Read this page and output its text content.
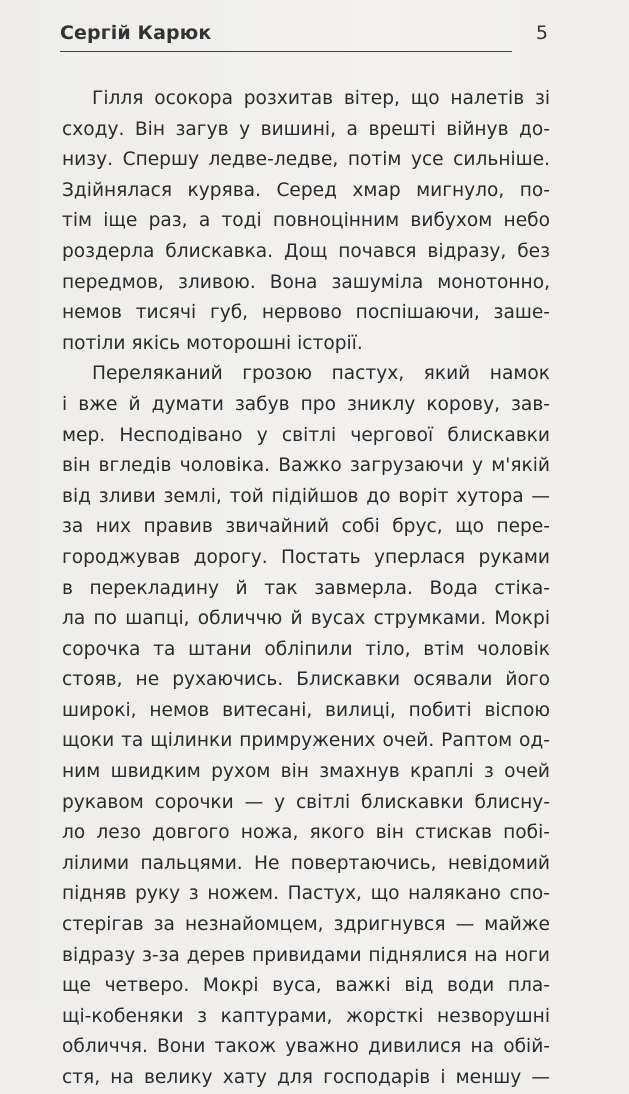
Сергій Карюк	5
Гілля осокора розхитав вітер, що налетів зі
сходу. Він загув у вишині, а врешті війнув до-
низу. Спершу ледве-ледве, потім усе сильніше.
Здійнялася курява. Серед хмар мигнуло, по-
тім іще раз, а тоді повноцінним вибухом небо
роздерла блискавка. Дощ почався відразу, без
передмов, зливою. Вона зашуміла монотонно,
немов тисячі губ, нервово поспішаючи, заше-
потіли якісь моторошні історії.
Переляканий грозою пастух, який намок
і вже й думати забув про зниклу корову, зав-
мер. Несподівано у світлі чергової блискавки
він вгледів чоловіка. Важко загрузаючи у м'якій
від зливи землі, той підійшов до воріт хутора —
за них правив звичайний собі брус, що пере-
городжував дорогу. Постать уперлася руками
в перекладину й так завмерла. Вода стіка-
ла по шапці, обличчю й вусах струмками. Мокрі
сорочка та штани обліпили тіло, втім чоловік
стояв, не рухаючись. Блискавки осявали його
широкі, немов витесані, вилиці, побиті віспою
щоки та щілинки примружених очей. Раптом од-
ним швидким рухом він змахнув краплі з очей
рукавом сорочки — у світлі блискавки блисну-
ло лезо довгого ножа, якого він стискав побі-
лілими пальцями. Не повертаючись, невідомий
підняв руку з ножем. Пастух, що налякано спо-
стерігав за незнайомцем, здригнувся — майже
відразу з-за дерев привидами піднялися на ноги
ще четверо. Мокрі вуса, важкі від води пла-
щі-кобеняки з каптурами, жорсткі незворушні
обличчя. Вони також уважно дивилися на обій-
стя, на велику хату для господарів і меншу —
